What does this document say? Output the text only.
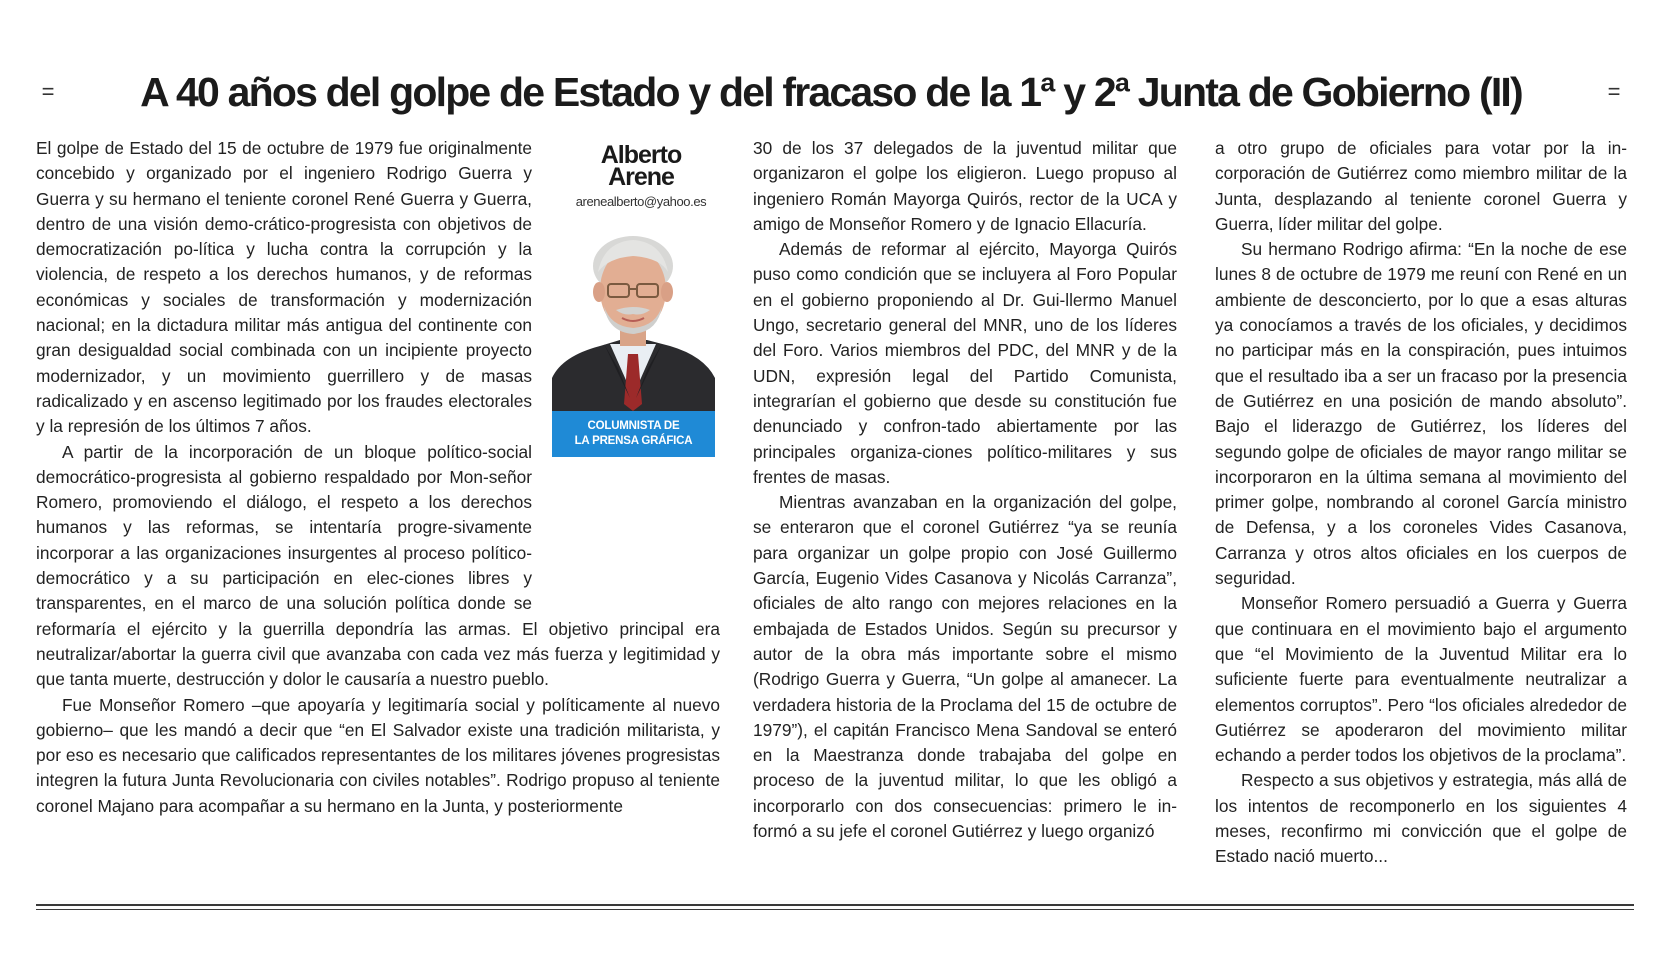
=	A 40 años del golpe de Estado y del fracaso de la 1ª y 2ª Junta de Gobierno (II)	=

El golpe de Estado del 15 de octubre de 1979 fue originalmente concebido y organizado por el ingeniero Rodrigo Guerra y Guerra y su hermano el teniente coronel René Guerra y Guerra, dentro de una visión demo-crático-progresista con objetivos de democratización po-lítica y lucha contra la corrupción y la violencia, de respeto a los derechos humanos, y de reformas económicas y sociales de transformación y modernización nacional; en la dictadura militar más antigua del continente con gran desigualdad social combinada con un incipiente proyecto modernizador, y un movimiento guerrillero y de masas radicalizado y en ascenso legitimado por los fraudes electorales y la represión de los últimos 7 años.

A partir de la incorporación de un bloque político-social democrático-progresista al gobierno respaldado por Mon-señor Romero, promoviendo el diálogo, el respeto a los derechos humanos y las reformas, se intentaría progre-sivamente incorporar a las organizaciones insurgentes al proceso político-democrático y a su participación en elec-ciones libres y transparentes, en el marco de una solución política donde se reformaría el ejército y la guerrilla depondría las armas. El objetivo principal era neutralizar/abortar la guerra civil que avanzaba con cada vez más fuerza y legitimidad y que tanta muerte, destrucción y dolor le causaría a nuestro pueblo.

Fue Monseñor Romero –que apoyaría y legitimaría social y políticamente al nuevo gobierno– que les mandó a decir que “en El Salvador existe una tradición militarista, y por eso es necesario que calificados representantes de los militares jóvenes progresistas integren la futura Junta Revolucionaria con civiles notables”. Rodrigo propuso al teniente coronel Majano para acompañar a su hermano en la Junta, y posteriormente

Alberto
Arene
arenealberto@yahoo.es
COLUMNISTA DE
LA PRENSA GRÁFICA

30 de los 37 delegados de la juventud militar que organizaron el golpe los eligieron. Luego propuso al ingeniero Román Mayorga Quirós, rector de la UCA y amigo de Monseñor Romero y de Ignacio Ellacuría.

Además de reformar al ejército, Mayorga Quirós puso como condición que se incluyera al Foro Popular en el gobierno proponiendo al Dr. Gui-llermo Manuel Ungo, secretario general del MNR, uno de los líderes del Foro. Varios miembros del PDC, del MNR y de la UDN, expresión legal del Partido Comunista, integrarían el gobierno que desde su constitución fue denunciado y confron-tado abiertamente por las principales organiza-ciones político-militares y sus frentes de masas.

Mientras avanzaban en la organización del golpe, se enteraron que el coronel Gutiérrez “ya se reunía para organizar un golpe propio con José Guillermo García, Eugenio Vides Casanova y Nicolás Carranza”, oficiales de alto rango con mejores relaciones en la embajada de Estados Unidos. Según su precursor y autor de la obra más importante sobre el mismo (Rodrigo Guerra y Guerra, “Un golpe al amanecer. La verdadera historia de la Proclama del 15 de octubre de 1979”), el capitán Francisco Mena Sandoval se enteró en la Maestranza donde trabajaba del golpe en proceso de la juventud militar, lo que les obligó a incorporarlo con dos consecuencias: primero le in-formó a su jefe el coronel Gutiérrez y luego organizó

a otro grupo de oficiales para votar por la in-corporación de Gutiérrez como miembro militar de la Junta, desplazando al teniente coronel Guerra y Guerra, líder militar del golpe.

Su hermano Rodrigo afirma: “En la noche de ese lunes 8 de octubre de 1979 me reuní con René en un ambiente de desconcierto, por lo que a esas alturas ya conocíamos a través de los oficiales, y decidimos no participar más en la conspiración, pues intuimos que el resultado iba a ser un fracaso por la presencia de Gutiérrez en una posición de mando absoluto”. Bajo el liderazgo de Gutiérrez, los líderes del segundo golpe de oficiales de mayor rango militar se incorporaron en la última semana al movimiento del primer golpe, nombrando al coronel García ministro de Defensa, y a los coroneles Vides Casanova, Carranza y otros altos oficiales en los cuerpos de seguridad.

Monseñor Romero persuadió a Guerra y Guerra que continuara en el movimiento bajo el argumento que “el Movimiento de la Juventud Militar era lo suficiente fuerte para eventualmente neutralizar a elementos corruptos”. Pero “los oficiales alrededor de Gutiérrez se apoderaron del movimiento militar echando a perder todos los objetivos de la proclama”.

Respecto a sus objetivos y estrategia, más allá de los intentos de recomponerlo en los siguientes 4 meses, reconfirmo mi convicción que el golpe de Estado nació muerto...
